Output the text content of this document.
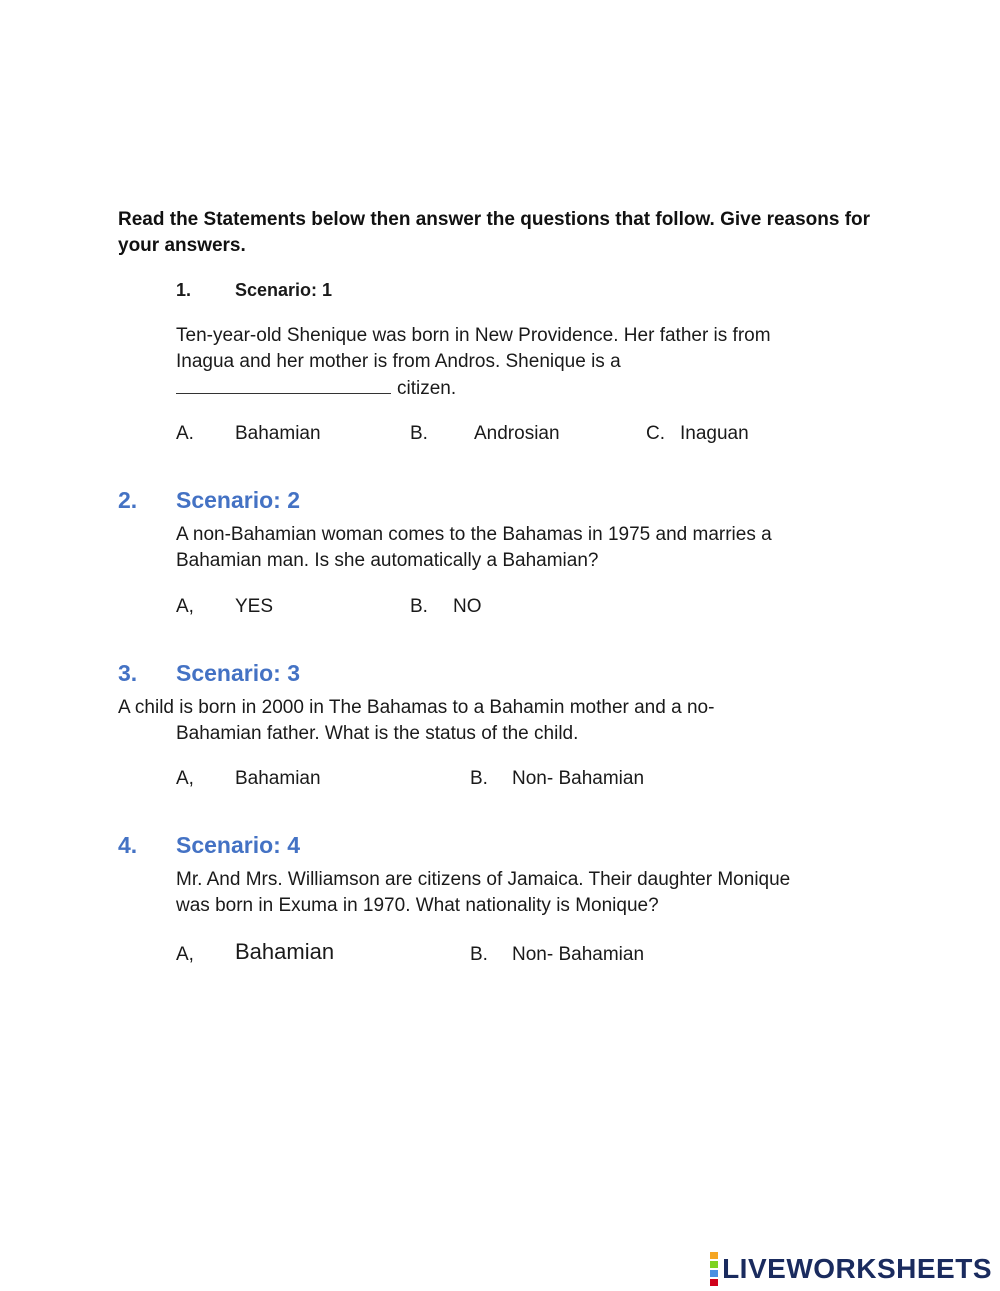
Read the Statements below then answer the questions that follow. Give reasons for your answers.
1. Scenario: 1
Ten-year-old Shenique was born in New Providence. Her father is from
Inagua and her mother is from Andros. Shenique is a
citizen.
A. Bahamian	B. Androsian	C. Inaguan
2. Scenario: 2
A non-Bahamian woman comes to the Bahamas in 1975 and marries a
Bahamian man. Is she automatically a Bahamian?
A, YES	B. NO
3. Scenario: 3
A child is born in 2000 in The Bahamas to a Bahamin mother and a no-
Bahamian father. What is the status of the child.
A, Bahamian	B. Non- Bahamian
4. Scenario: 4
Mr. And Mrs. Williamson are citizens of Jamaica. Their daughter Monique
was born in Exuma in 1970. What nationality is Monique?
A, Bahamian	B. Non- Bahamian
LIVEWORKSHEETS
